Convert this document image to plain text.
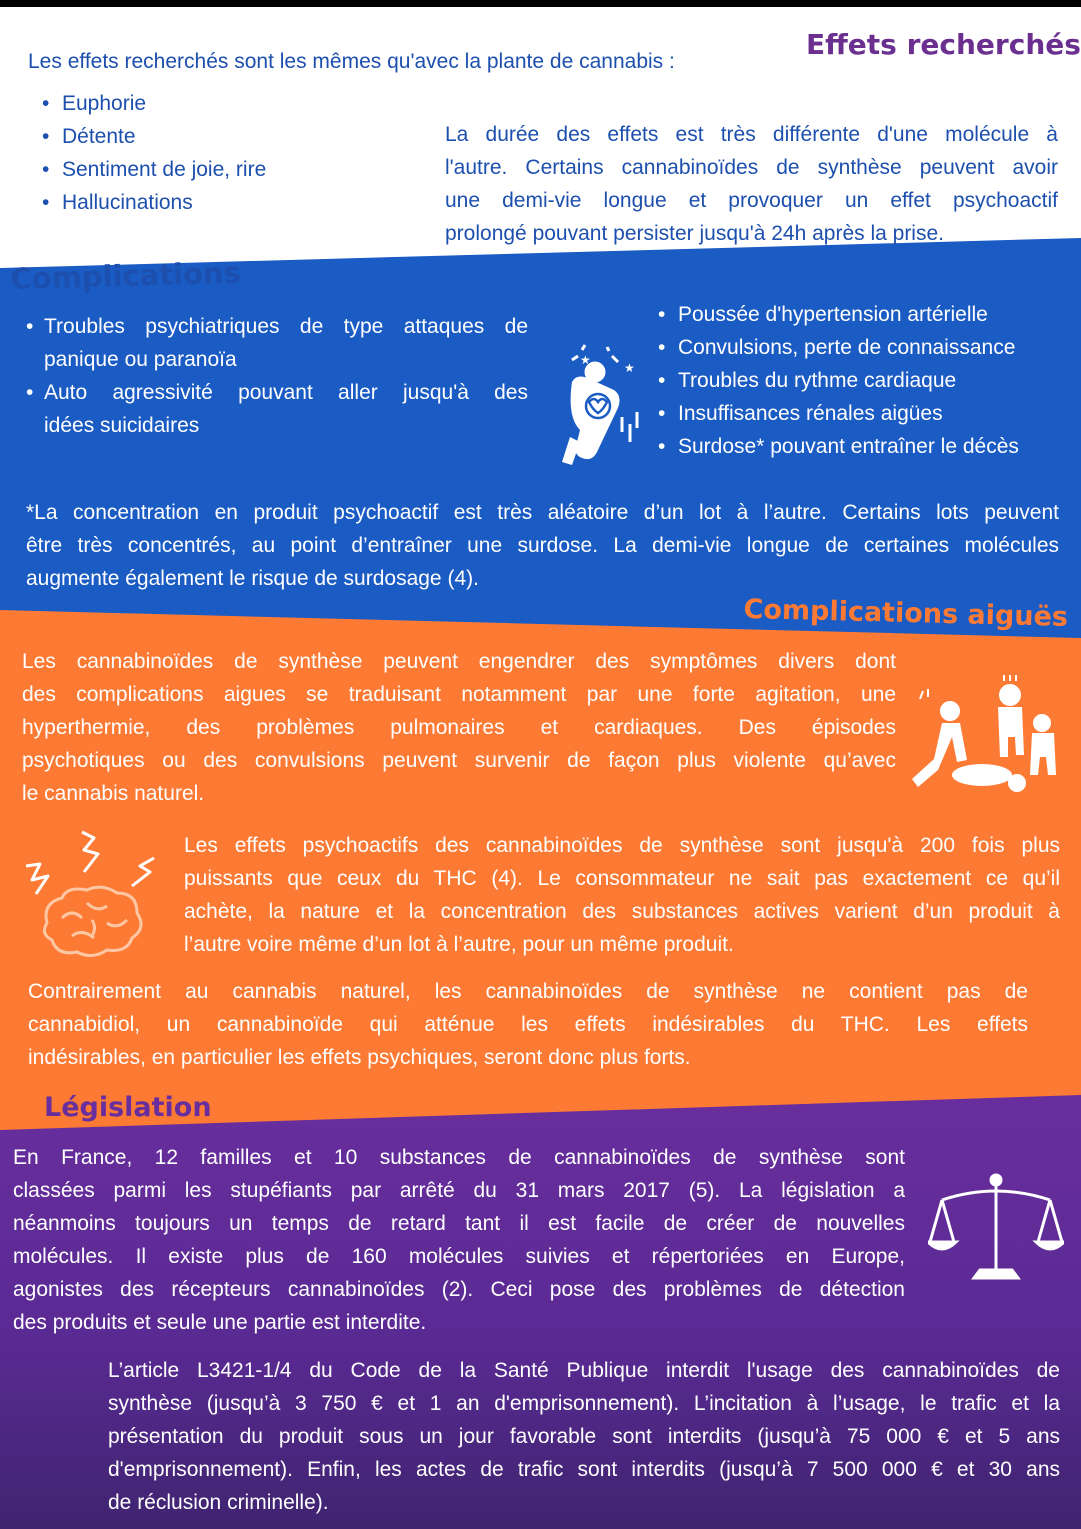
Effets recherchés
Les effets recherchés sont les mêmes qu'avec la plante de cannabis :
• Euphorie
• Détente
• Sentiment de joie, rire
• Hallucinations
La durée des effets est très différente d'une molécule à
l'autre. Certains cannabinoïdes de synthèse peuvent avoir
une demi-vie longue et provoquer un effet psychoactif
prolongé pouvant persister jusqu'à 24h après la prise.
Complications
• Troubles psychiatriques de type attaques de
panique ou paranoïa
• Auto agressivité pouvant aller jusqu'à des
idées suicidaires
★
★
• Poussée d'hypertension artérielle
• Convulsions, perte de connaissance
• Troubles du rythme cardiaque
• Insuffisances rénales aigües
• Surdose* pouvant entraîner le décès
*La concentration en produit psychoactif est très aléatoire d’un lot à l’autre. Certains lots peuvent
être très concentrés, au point d’entraîner une surdose. La demi-vie longue de certaines molécules
augmente également le risque de surdosage (4).
Complications aiguës
Les cannabinoïdes de synthèse peuvent engendrer des symptômes divers dont
des complications aigues se traduisant notamment par une forte agitation, une
hyperthermie, des problèmes pulmonaires et cardiaques. Des épisodes
psychotiques ou des convulsions peuvent survenir de façon plus violente qu’avec
le cannabis naturel.
Les effets psychoactifs des cannabinoïdes de synthèse sont jusqu'à 200 fois plus
puissants que ceux du THC (4). Le consommateur ne sait pas exactement ce qu’il
achète, la nature et la concentration des substances actives varient d’un produit à
l’autre voire même d’un lot à l’autre, pour un même produit.
Contrairement au cannabis naturel, les cannabinoïdes de synthèse ne contient pas de
cannabidiol, un cannabinoïde qui atténue les effets indésirables du THC. Les effets
indésirables, en particulier les effets psychiques, seront donc plus forts.
Législation
En France, 12 familles et 10 substances de cannabinoïdes de synthèse sont
classées parmi les stupéfiants par arrêté du 31 mars 2017 (5). La législation a
néanmoins toujours un temps de retard tant il est facile de créer de nouvelles
molécules. Il existe plus de 160 molécules suivies et répertoriées en Europe,
agonistes des récepteurs cannabinoïdes (2). Ceci pose des problèmes de détection
des produits et seule une partie est interdite.
L’article L3421-1/4 du Code de la Santé Publique interdit l'usage des cannabinoïdes de
synthèse (jusqu’à 3 750 € et 1 an d'emprisonnement). L’incitation à l’usage, le trafic et la
présentation du produit sous un jour favorable sont interdits (jusqu’à 75 000 € et 5 ans
d'emprisonnement). Enfin, les actes de trafic sont interdits (jusqu’à 7 500 000 € et 30 ans
de réclusion criminelle).
